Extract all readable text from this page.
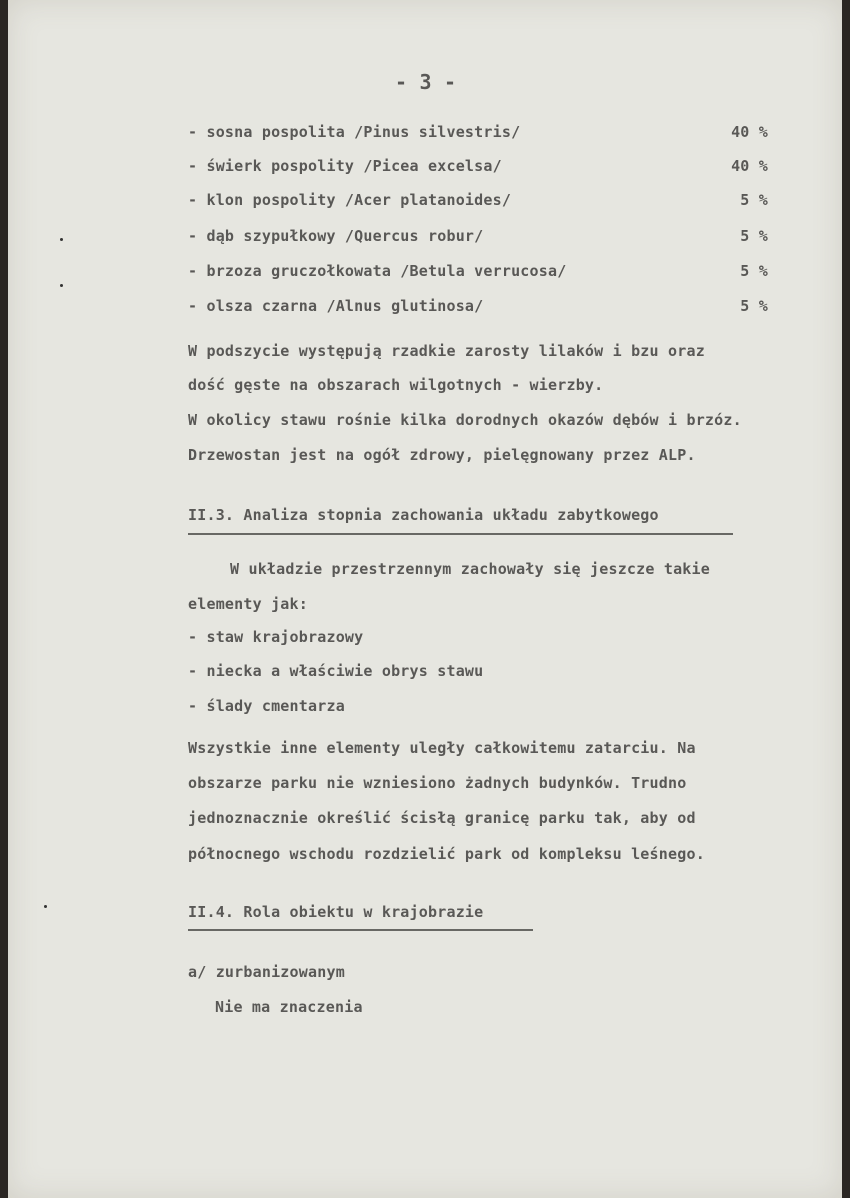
- 3 -
- sosna pospolita /Pinus silvestris/	40 %
- świerk pospolity /Picea excelsa/	40 %
- klon pospolity /Acer platanoides/	5 %
- dąb szypułkowy /Quercus robur/	5 %
- brzoza gruczołkowata /Betula verrucosa/	5 %
- olsza czarna /Alnus glutinosa/	5 %
W podszycie występują rzadkie zarosty lilaków i bzu oraz
dość gęste na obszarach wilgotnych - wierzby.
W okolicy stawu rośnie kilka dorodnych okazów dębów i brzóz.
Drzewostan jest na ogół zdrowy, pielęgnowany przez ALP.
II.3. Analiza stopnia zachowania układu zabytkowego
W układzie przestrzennym zachowały się jeszcze takie
elementy jak:
- staw krajobrazowy
- niecka a właściwie obrys stawu
- ślady cmentarza
Wszystkie inne elementy uległy całkowitemu zatarciu. Na
obszarze parku nie wzniesiono żadnych budynków. Trudno
jednoznacznie określić ścisłą granicę parku tak, aby od
północnego wschodu rozdzielić park od kompleksu leśnego.
II.4. Rola obiektu w krajobrazie
a/ zurbanizowanym
Nie ma znaczenia
